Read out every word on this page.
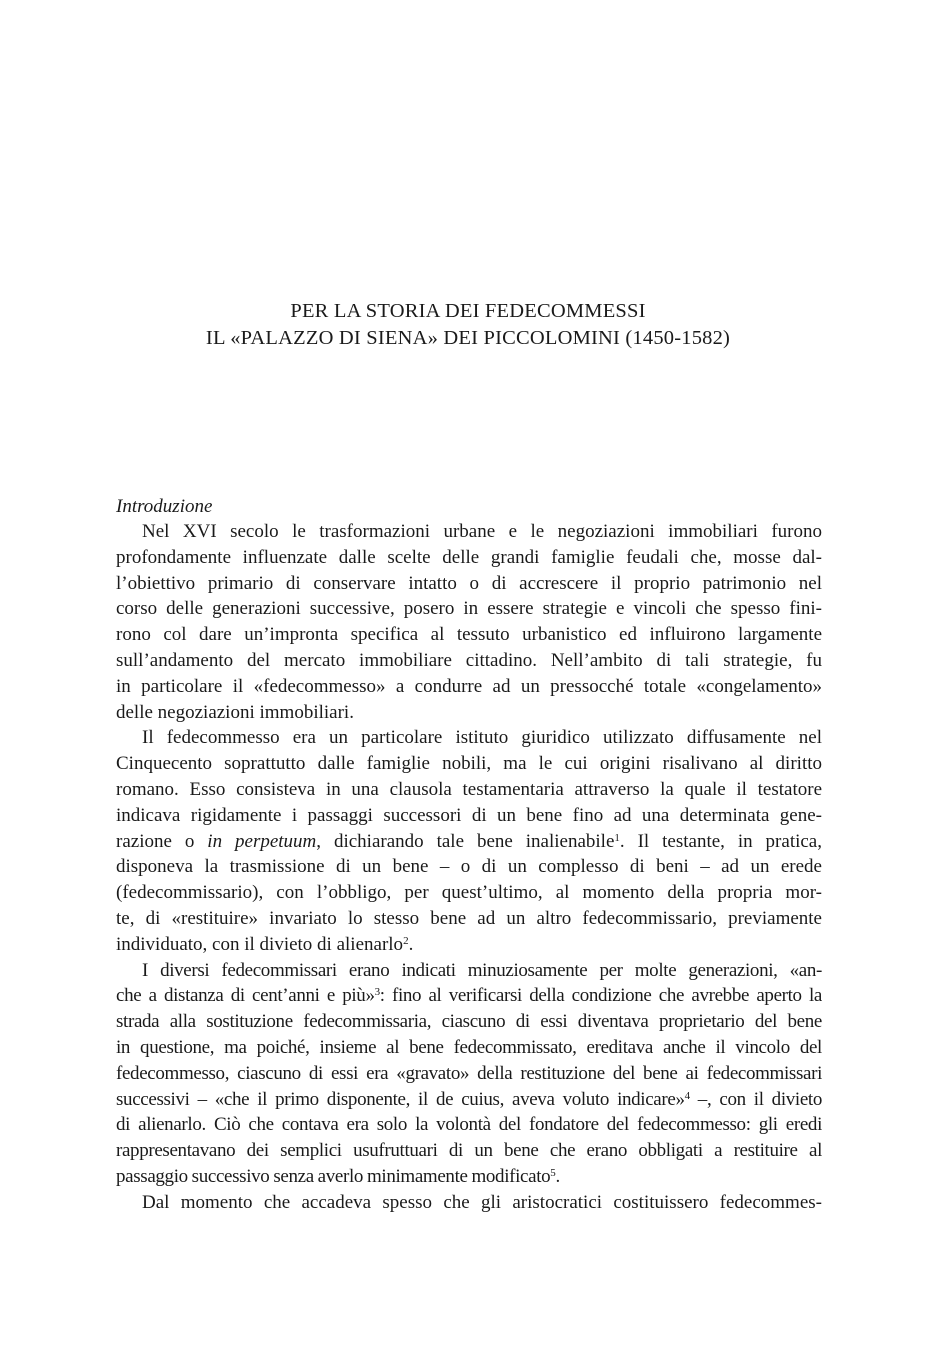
PER LA STORIA DEI FEDECOMMESSI
IL «PALAZZO DI SIENA» DEI PICCOLOMINI (1450-1582)
Introduzione
Nel XVI secolo le trasformazioni urbane e le negoziazioni immobiliari furono
profondamente influenzate dalle scelte delle grandi famiglie feudali che, mosse dal-
l’obiettivo primario di conservare intatto o di accrescere il proprio patrimonio nel
corso delle generazioni successive, posero in essere strategie e vincoli che spesso fini-
rono col dare un’impronta specifica al tessuto urbanistico ed influirono largamente
sull’andamento del mercato immobiliare cittadino. Nell’ambito di tali strategie, fu
in particolare il «fedecommesso» a condurre ad un pressocché totale «congelamento»
delle negoziazioni immobiliari.
Il fedecommesso era un particolare istituto giuridico utilizzato diffusamente nel
Cinquecento soprattutto dalle famiglie nobili, ma le cui origini risalivano al diritto
romano. Esso consisteva in una clausola testamentaria attraverso la quale il testatore
indicava rigidamente i passaggi successori di un bene fino ad una determinata gene-
razione o in perpetuum, dichiarando tale bene inalienabile$^1$. Il testante, in pratica,
disponeva la trasmissione di un bene – o di un complesso di beni – ad un erede
(fedecommissario), con l’obbligo, per quest’ultimo, al momento della propria mor-
te, di «restituire» invariato lo stesso bene ad un altro fedecommissario, previamente
individuato, con il divieto di alienarlo$^2$.
I diversi fedecommissari erano indicati minuziosamente per molte generazioni, «an-
che a distanza di cent’anni e più»$^3$: fino al verificarsi della condizione che avrebbe aperto la
strada alla sostituzione fedecommissaria, ciascuno di essi diventava proprietario del bene
in questione, ma poiché, insieme al bene fedecommissato, ereditava anche il vincolo del
fedecommesso, ciascuno di essi era «gravato» della restituzione del bene ai fedecommissari
successivi – «che il primo disponente, il de cuius, aveva voluto indicare»$^4$ –, con il divieto
di alienarlo. Ciò che contava era solo la volontà del fondatore del fedecommesso: gli eredi
rappresentavano dei semplici usufruttuari di un bene che erano obbligati a restituire al
passaggio successivo senza averlo minimamente modificato$^5$.
Dal momento che accadeva spesso che gli aristocratici costituissero fedecommes-
